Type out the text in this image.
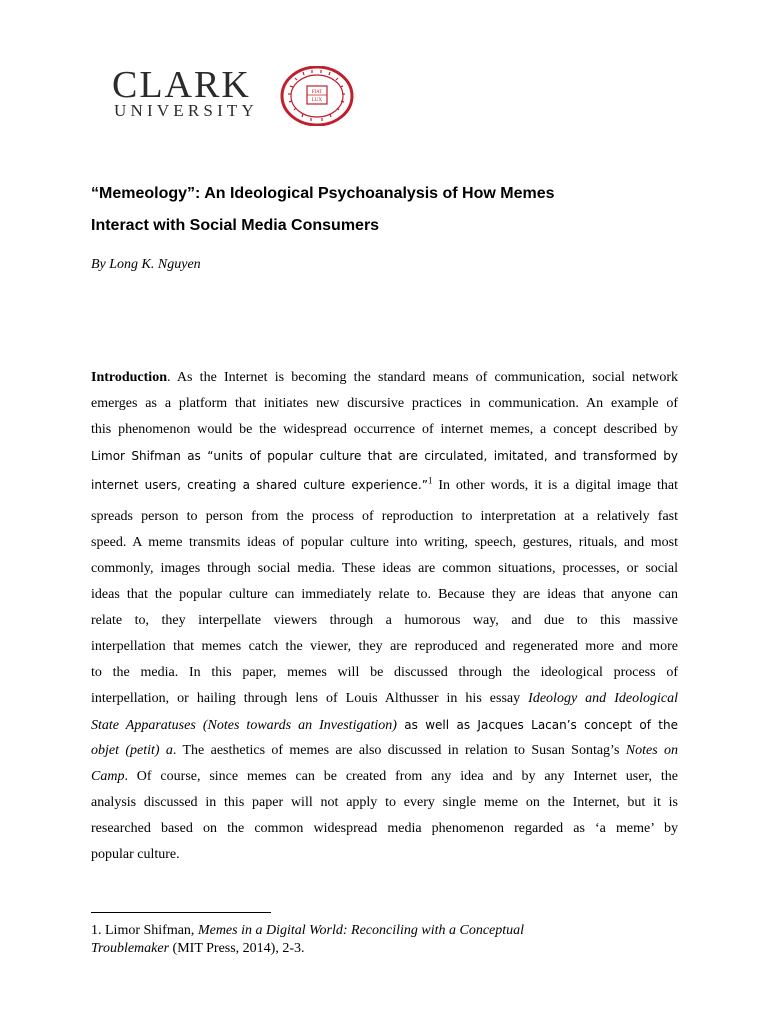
CLARK
UNIVERSITY
FIAT
LUX
“Memeology”: An Ideological Psychoanalysis of How Memes
Interact with Social Media Consumers

By Long K. Nguyen

Introduction. As the Internet is becoming the standard means of communication, social network
emerges as a platform that initiates new discursive practices in communication. An example of
this phenomenon would be the widespread occurrence of internet memes, a concept described by
Limor Shifman as “units of popular culture that are circulated, imitated, and transformed by
internet users, creating a shared culture experience.”$^1$ In other words, it is a digital image that
spreads person to person from the process of reproduction to interpretation at a relatively fast
speed. A meme transmits ideas of popular culture into writing, speech, gestures, rituals, and most
commonly, images through social media. These ideas are common situations, processes, or social
ideas that the popular culture can immediately relate to. Because they are ideas that anyone can
relate to, they interpellate viewers through a humorous way, and due to this massive
interpellation that memes catch the viewer, they are reproduced and regenerated more and more
to the media. In this paper, memes will be discussed through the ideological process of
interpellation, or hailing through lens of Louis Althusser in his essay Ideology and Ideological
State Apparatuses (Notes towards an Investigation) as well as Jacques Lacan’s concept of the
objet (petit) a. The aesthetics of memes are also discussed in relation to Susan Sontag’s Notes on
Camp. Of course, since memes can be created from any idea and by any Internet user, the
analysis discussed in this paper will not apply to every single meme on the Internet, but it is
researched based on the common widespread media phenomenon regarded as ‘a meme’ by
popular culture.
1. Limor Shifman, Memes in a Digital World: Reconciling with a Conceptual
Troublemaker (MIT Press, 2014), 2-3.
